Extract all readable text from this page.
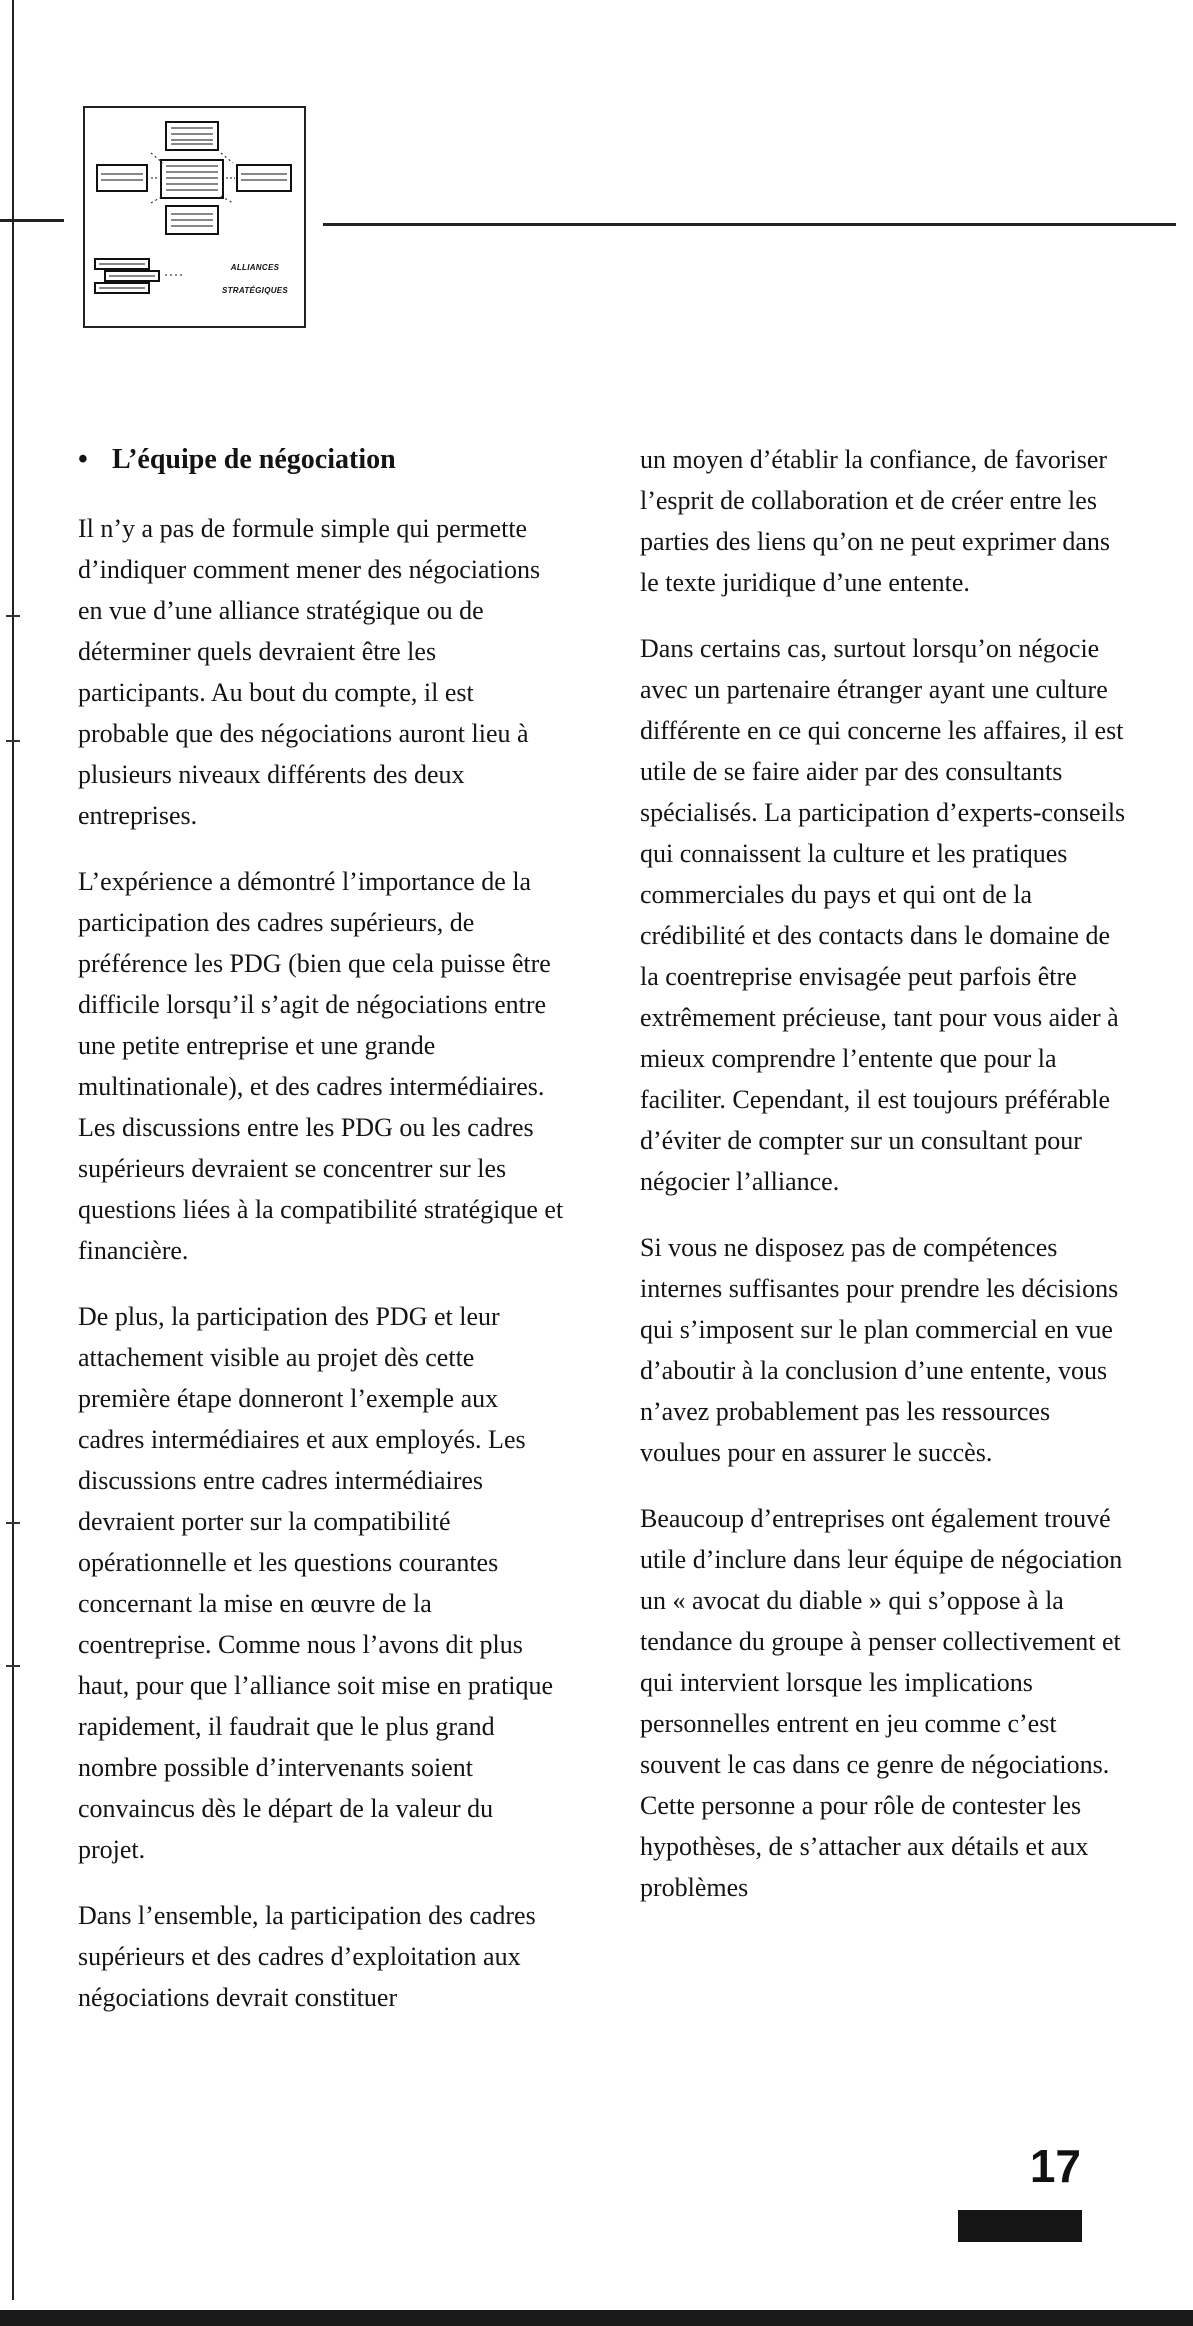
ALLIANCES
STRATÉGIQUES

• L’équipe de négociation

Il n’y a pas de formule simple qui permette d’indiquer comment mener des négociations en vue d’une alliance stratégique ou de déterminer quels devraient être les participants. Au bout du compte, il est probable que des négociations auront lieu à plusieurs niveaux différents des deux entreprises.

L’expérience a démontré l’importance de la participation des cadres supérieurs, de préférence les PDG (bien que cela puisse être difficile lorsqu’il s’agit de négociations entre une petite entreprise et une grande multinationale), et des cadres intermédiaires. Les discussions entre les PDG ou les cadres supérieurs devraient se concentrer sur les questions liées à la compatibilité stratégique et financière.

De plus, la participation des PDG et leur attachement visible au projet dès cette première étape donneront l’exemple aux cadres intermédiaires et aux employés. Les discussions entre cadres intermédiaires devraient porter sur la compatibilité opérationnelle et les questions courantes concernant la mise en œuvre de la coentreprise. Comme nous l’avons dit plus haut, pour que l’alliance soit mise en pratique rapidement, il faudrait que le plus grand nombre possible d’intervenants soient convaincus dès le départ de la valeur du projet.

Dans l’ensemble, la participation des cadres supérieurs et des cadres d’exploitation aux négociations devrait constituer

un moyen d’établir la confiance, de favoriser l’esprit de collaboration et de créer entre les parties des liens qu’on ne peut exprimer dans le texte juridique d’une entente.

Dans certains cas, surtout lorsqu’on négocie avec un partenaire étranger ayant une culture différente en ce qui concerne les affaires, il est utile de se faire aider par des consultants spécialisés. La participation d’experts-conseils qui connaissent la culture et les pratiques commerciales du pays et qui ont de la crédibilité et des contacts dans le domaine de la coentreprise envisagée peut parfois être extrêmement précieuse, tant pour vous aider à mieux comprendre l’entente que pour la faciliter. Cependant, il est toujours préférable d’éviter de compter sur un consultant pour négocier l’alliance.

Si vous ne disposez pas de compétences internes suffisantes pour prendre les décisions qui s’imposent sur le plan commercial en vue d’aboutir à la conclusion d’une entente, vous n’avez probablement pas les ressources voulues pour en assurer le succès.

Beaucoup d’entreprises ont également trouvé utile d’inclure dans leur équipe de négociation un « avocat du diable » qui s’oppose à la tendance du groupe à penser collectivement et qui intervient lorsque les implications personnelles entrent en jeu comme c’est souvent le cas dans ce genre de négociations. Cette personne a pour rôle de contester les hypothèses, de s’attacher aux détails et aux problèmes

17
